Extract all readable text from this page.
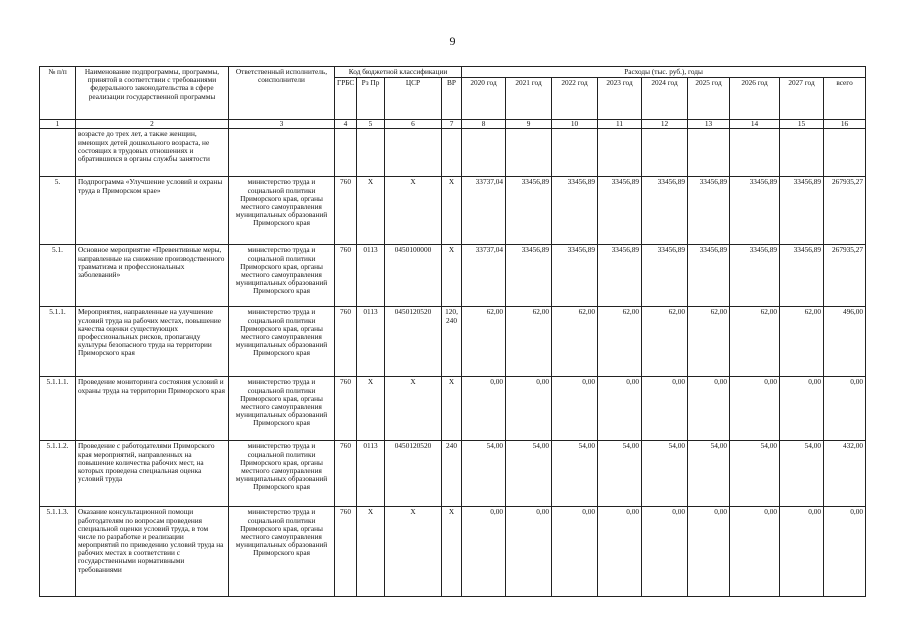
9
№ п/п	Наименование подпрограммы, программы, принятой в соответствии с требованиями федерального законодательства в сфере реализации государственной программы	Ответственный исполнитель, соисполнители	Код бюджетной классификации				Расходы (тыс. руб.), годы								
			ГРБС	Рз Пр	ЦСР	ВР	2020 год	2021 год	2022 год	2023 год	2024 год	2025 год	2026 год	2027 год	всего
1	2	3	4	5	6	7	8	9	10	11	12	13	14	15	16
	возрасте до трех лет, а также женщин, имеющих детей дошкольного возраста, не состоящих в трудовых отношениях и обратившихся в органы службы занятости														
5.	Подпрограмма «Улучшение условий и охраны труда в Приморском крае»	министерство труда и социальной политики Приморского края, органы местного самоуправления муниципальных образований Приморского края	760	Х	Х	Х	33737,04	33456,89	33456,89	33456,89	33456,89	33456,89	33456,89	33456,89	267935,27
5.1.	Основное мероприятие «Превентивные меры, направленные на снижение производственного травматизма и профессиональных заболеваний»	министерство труда и социальной политики Приморского края, органы местного самоуправления муниципальных образований Приморского края	760	0113	0450100000	Х	33737,04	33456,89	33456,89	33456,89	33456,89	33456,89	33456,89	33456,89	267935,27
5.1.1.	Мероприятия, направленные на улучшение условий труда на рабочих местах, повышение качества оценки существующих профессиональных рисков, пропаганду культуры безопасного труда на территории Приморского края	министерство труда и социальной политики Приморского края, органы местного самоуправления муниципальных образований Приморского края	760	0113	0450120520	120, 240	62,00	62,00	62,00	62,00	62,00	62,00	62,00	62,00	496,00
5.1.1.1.	Проведение мониторинга состояния условий и охраны труда на территории Приморского края	министерство труда и социальной политики Приморского края, органы местного самоуправления муниципальных образований Приморского края	760	Х	Х	Х	0,00	0,00	0,00	0,00	0,00	0,00	0,00	0,00	0,00
5.1.1.2.	Проведение с работодателями Приморского края мероприятий, направленных на повышение количества рабочих мест, на которых проведена специальная оценка условий труда	министерство труда и социальной политики Приморского края, органы местного самоуправления муниципальных образований Приморского края	760	0113	0450120520	240	54,00	54,00	54,00	54,00	54,00	54,00	54,00	54,00	432,00
5.1.1.3.	Оказание консультационной помощи работодателям по вопросам проведения специальной оценки условий труда, в том числе по разработке и реализации мероприятий по приведению условий труда на рабочих местах в соответствии с государственными нормативными требованиями	министерство труда и социальной политики Приморского края, органы местного самоуправления муниципальных образований Приморского края	760	Х	Х	Х	0,00	0,00	0,00	0,00	0,00	0,00	0,00	0,00	0,00
